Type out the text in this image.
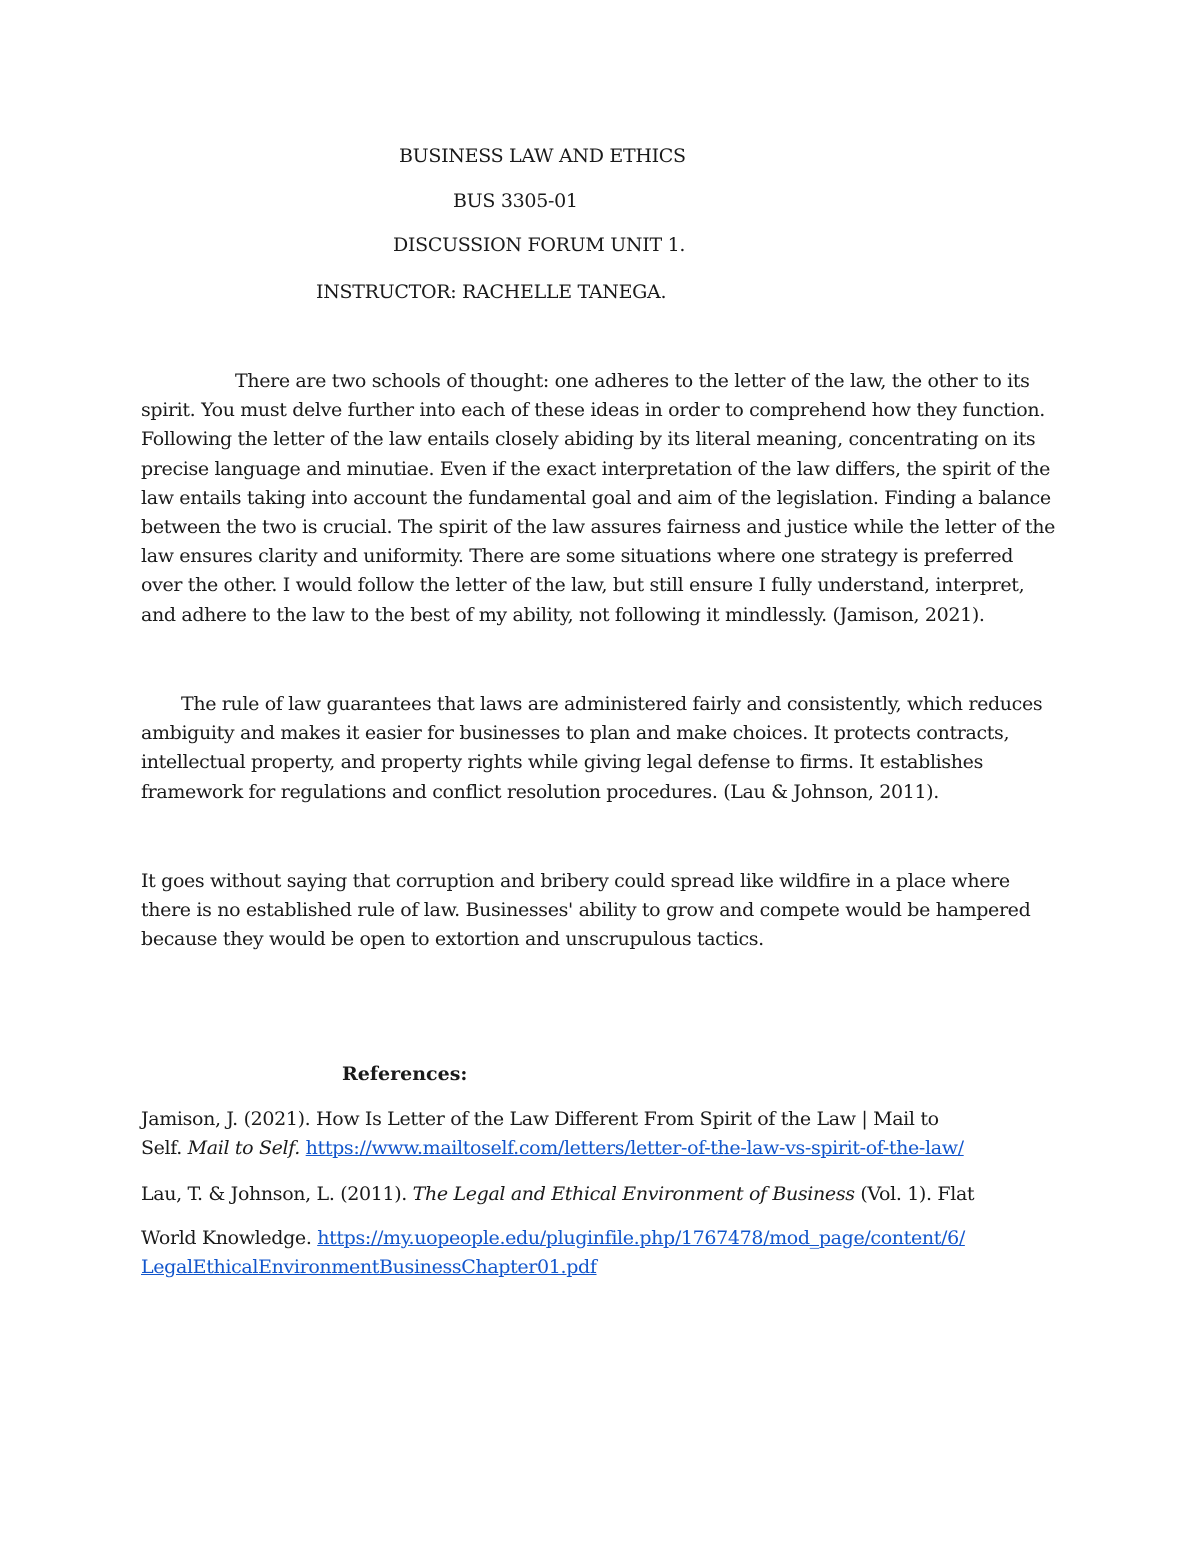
BUSINESS LAW AND ETHICS
BUS 3305-01
DISCUSSION FORUM UNIT 1.
INSTRUCTOR: RACHELLE TANEGA.
There are two schools of thought: one adheres to the letter of the law, the other to its
spirit. You must delve further into each of these ideas in order to comprehend how they function.
Following the letter of the law entails closely abiding by its literal meaning, concentrating on its
precise language and minutiae. Even if the exact interpretation of the law differs, the spirit of the
law entails taking into account the fundamental goal and aim of the legislation. Finding a balance
between the two is crucial. The spirit of the law assures fairness and justice while the letter of the
law ensures clarity and uniformity. There are some situations where one strategy is preferred
over the other. I would follow the letter of the law, but still ensure I fully understand, interpret,
and adhere to the law to the best of my ability, not following it mindlessly. (Jamison, 2021).
The rule of law guarantees that laws are administered fairly and consistently, which reduces
ambiguity and makes it easier for businesses to plan and make choices. It protects contracts,
intellectual property, and property rights while giving legal defense to firms. It establishes
framework for regulations and conflict resolution procedures. (Lau & Johnson, 2011).
It goes without saying that corruption and bribery could spread like wildfire in a place where
there is no established rule of law. Businesses' ability to grow and compete would be hampered
because they would be open to extortion and unscrupulous tactics.
References:
Jamison, J. (2021). How Is Letter of the Law Different From Spirit of the Law | Mail to
Self. Mail to Self. https://www.mailtoself.com/letters/letter-of-the-law-vs-spirit-of-the-law/
Lau, T. & Johnson, L. (2011). The Legal and Ethical Environment of Business (Vol. 1). Flat
World Knowledge. https://my.uopeople.edu/pluginfile.php/1767478/mod_page/content/6/
LegalEthicalEnvironmentBusinessChapter01.pdf
